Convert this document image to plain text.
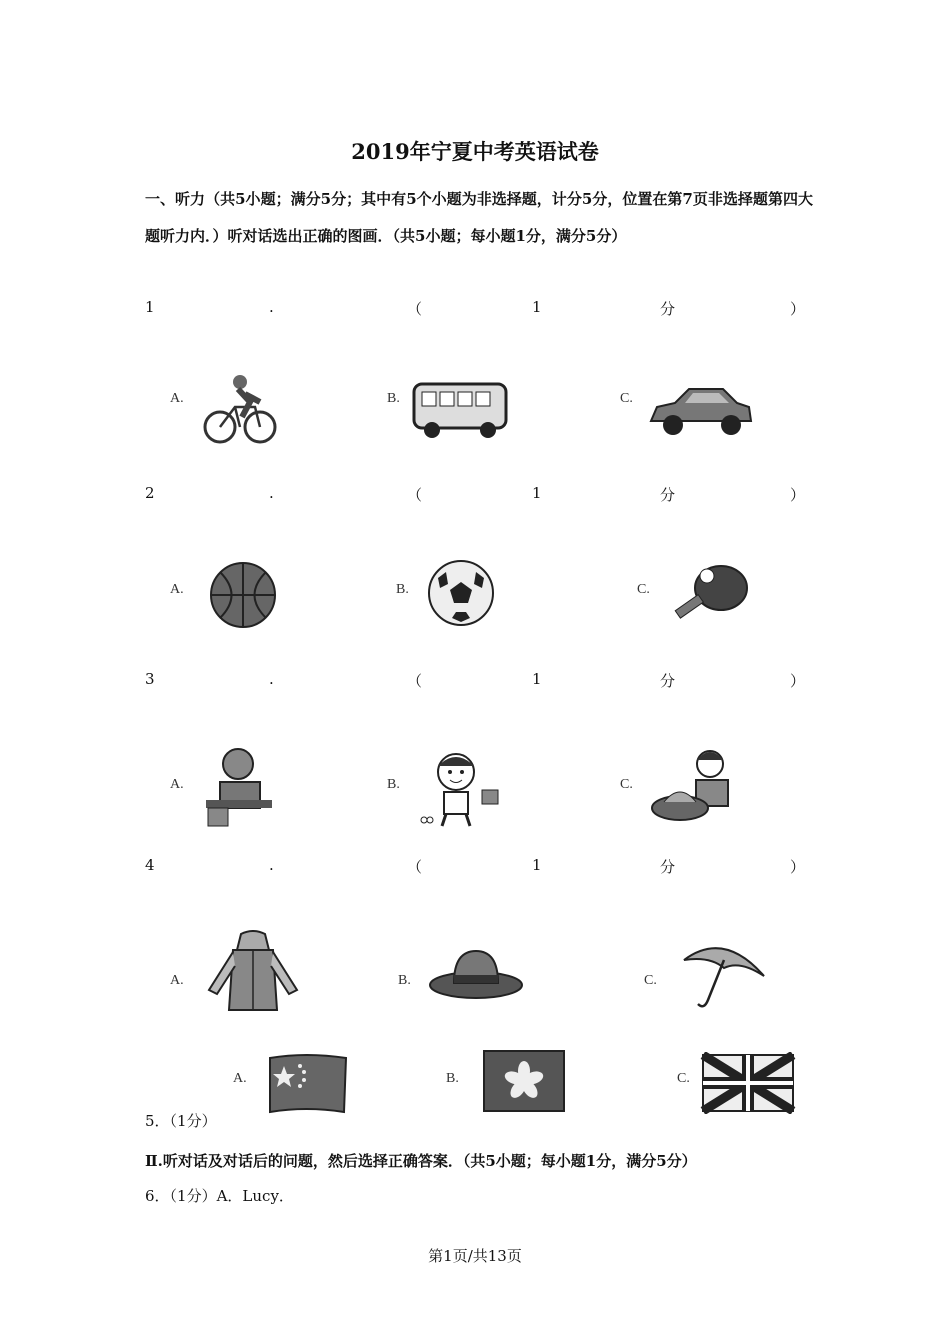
2019年宁夏中考英语试卷
一、听力（共5小题；满分5分；其中有5个小题为非选择题，计分5分，位置在第7页非选择题第四大题听力内．）听对话选出正确的图画．（共5小题；每小题1分，满分5分）
1	.	（	1	分	）
A.	B.	C.
2	.	（	1	分	）
A.	B.	C.
3	.	（	1	分	）
A.	B.	C.
4	.	（	1	分	）
A.	B.	C.
A.	B.	C.
5．（1分）
Ⅱ.听对话及对话后的问题，然后选择正确答案．（共5小题；每小题1分，满分5分）
6．（1分）A．Lucy．
第1页/共13页
